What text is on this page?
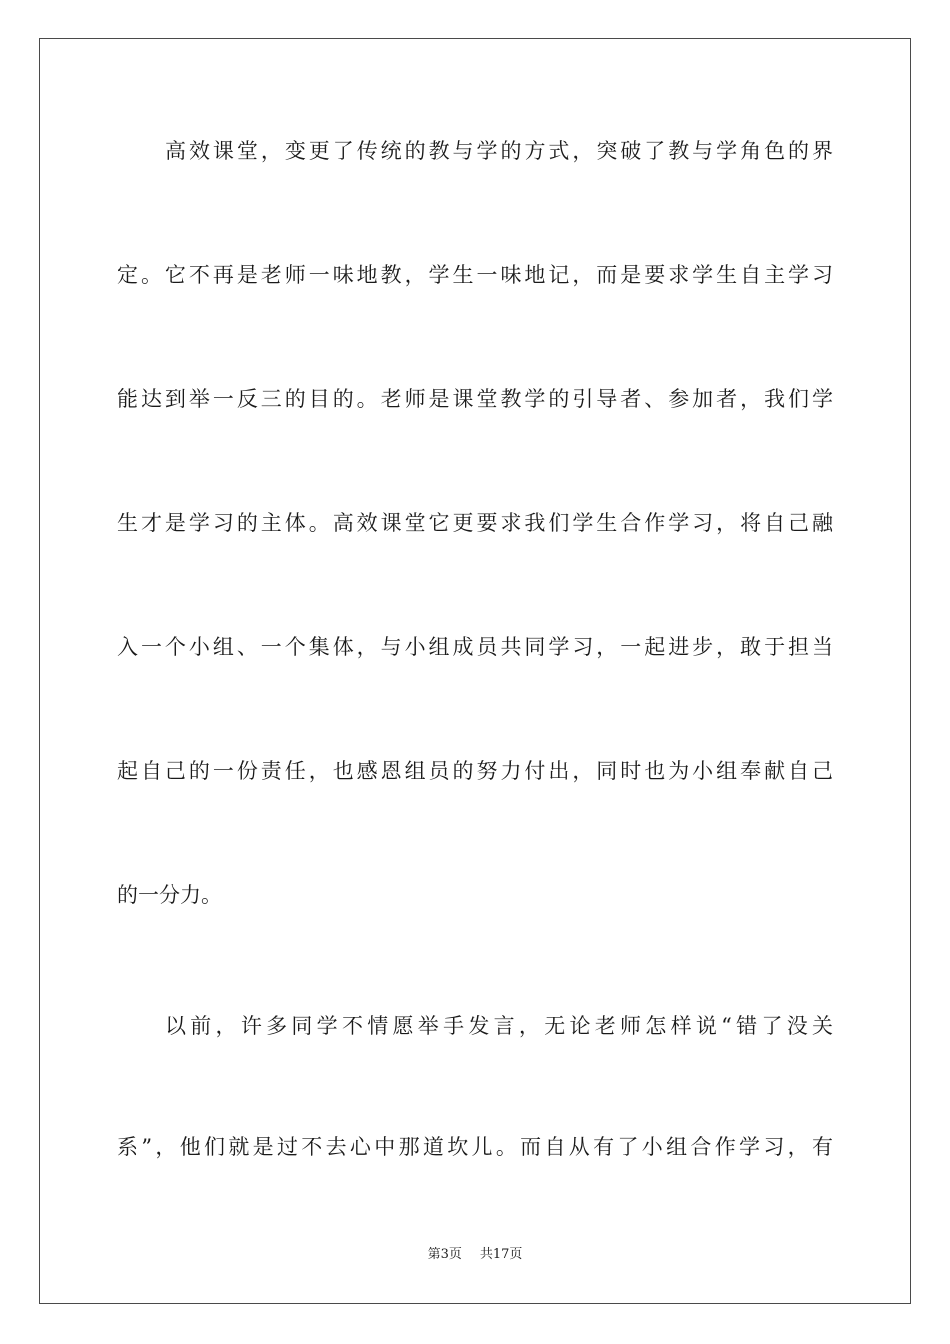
高效课堂，变更了传统的教与学的方式，突破了教与学角色的界
定。它不再是老师一味地教，学生一味地记，而是要求学生自主学习
能达到举一反三的目的。老师是课堂教学的引导者、参加者，我们学
生才是学习的主体。高效课堂它更要求我们学生合作学习，将自己融
入一个小组、一个集体，与小组成员共同学习，一起进步，敢于担当
起自己的一份责任，也感恩组员的努力付出，同时也为小组奉献自己
的一分力。
以前，许多同学不情愿举手发言，无论老师怎样说“错了没关
系”，他们就是过不去心中那道坎儿。而自从有了小组合作学习，有
第3页 共17页
